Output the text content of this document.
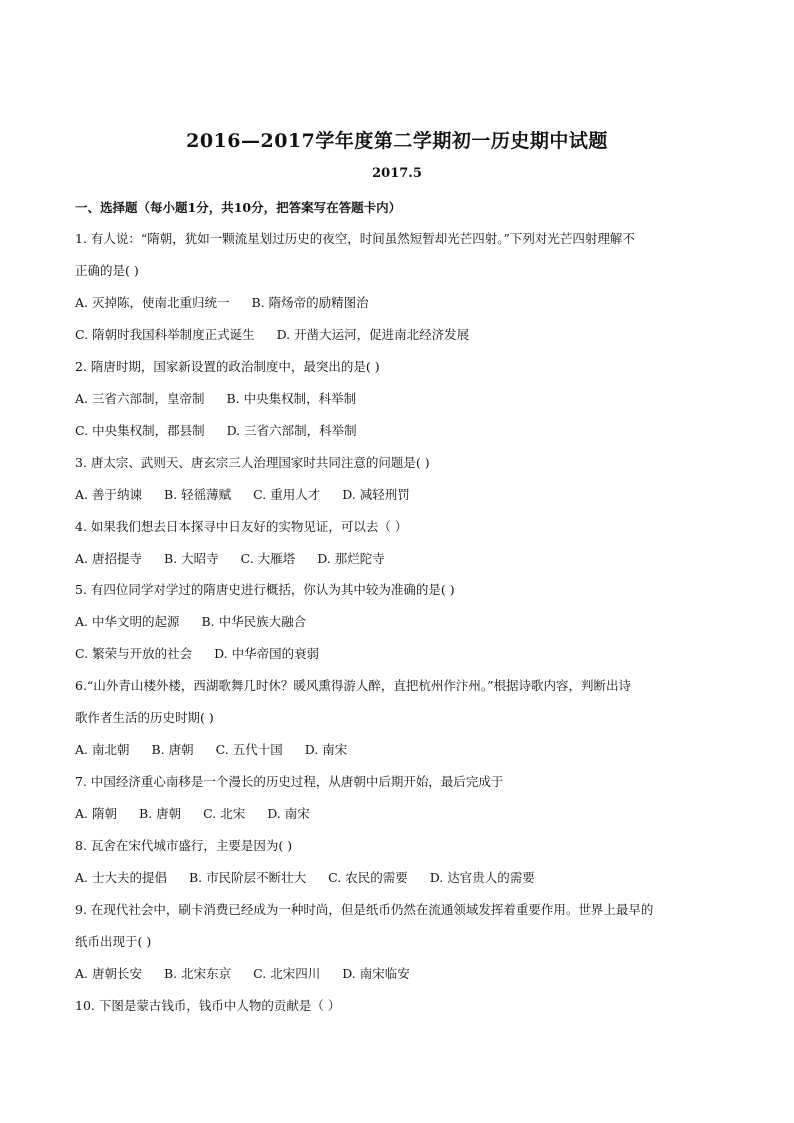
2016—2017学年度第二学期初一历史期中试题
2017.5
一、选择题（每小题1分，共10分，把答案写在答题卡内）
1. 有人说：“隋朝，犹如一颗流星划过历史的夜空，时间虽然短暂却光芒四射。”下列对光芒四射理解不
正确的是( )
A. 灭掉陈，使南北重归统一 B. 隋炀帝的励精图治
C. 隋朝时我国科举制度正式诞生 D. 开凿大运河，促进南北经济发展
2. 隋唐时期，国家新设置的政治制度中，最突出的是( )
A. 三省六部制，皇帝制 B. 中央集权制，科举制
C. 中央集权制，郡县制 D. 三省六部制，科举制
3. 唐太宗、武则天、唐玄宗三人治理国家时共同注意的问题是( )
A. 善于纳谏 B. 轻徭薄赋 C. 重用人才 D. 减轻刑罚
4. 如果我们想去日本探寻中日友好的实物见证，可以去（ ）
A. 唐招提寺 B. 大昭寺 C. 大雁塔 D. 那烂陀寺
5. 有四位同学对学过的隋唐史进行概括，你认为其中较为准确的是( )
A. 中华文明的起源 B. 中华民族大融合
C. 繁荣与开放的社会 D. 中华帝国的衰弱
6.“山外青山楼外楼，西湖歌舞几时休？暖风熏得游人醉，直把杭州作汴州。”根据诗歌内容，判断出诗
歌作者生活的历史时期( )
A. 南北朝 B. 唐朝 C. 五代十国 D. 南宋
7. 中国经济重心南移是一个漫长的历史过程，从唐朝中后期开始，最后完成于
A. 隋朝 B. 唐朝 C. 北宋 D. 南宋
8. 瓦舍在宋代城市盛行，主要是因为( )
A. 士大夫的提倡 B. 市民阶层不断壮大 C. 农民的需要 D. 达官贵人的需要
9. 在现代社会中，刷卡消费已经成为一种时尚，但是纸币仍然在流通领域发挥着重要作用。世界上最早的
纸币出现于( )
A. 唐朝长安 B. 北宋东京 C. 北宋四川 D. 南宋临安
10. 下图是蒙古钱币，钱币中人物的贡献是（ ）
